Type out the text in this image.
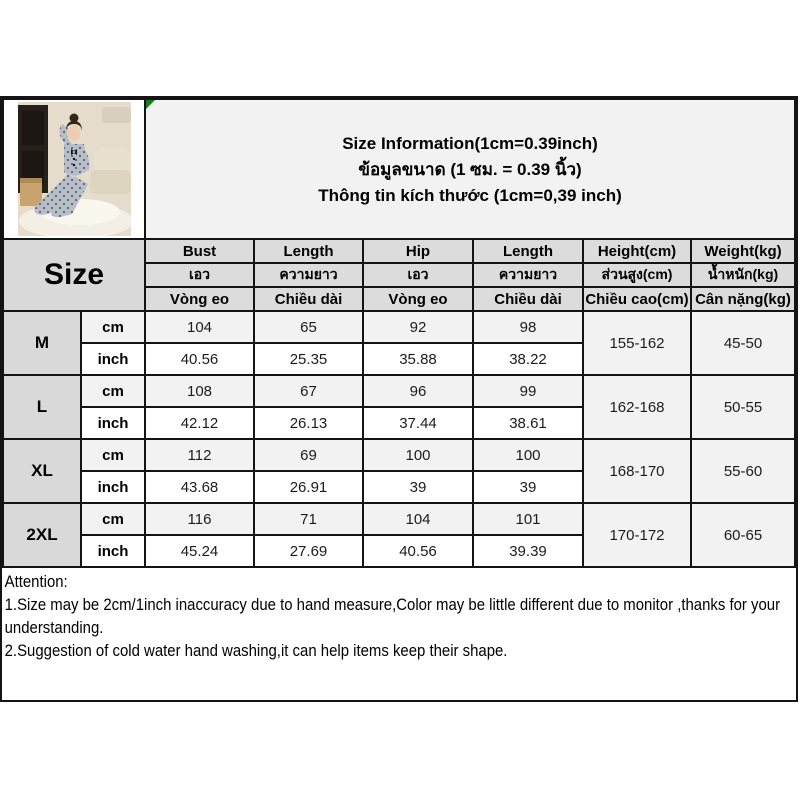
Size Information(1cm=0.39inch)
ข้อมูลขนาด (1 ซม. = 0.39 นิ้ว)
Thông tin kích thước (1cm=0,39 inch)					

Size		Bust	Length	Hip	Length	Height(cm)	Weight(kg)
		เอว	ความยาว	เอว	ความยาว	ส่วนสูง(cm)	น้ำหนัก(kg)
		Vòng eo	Chiều dài	Vòng eo	Chiều dài	Chiều cao(cm)	Cân nặng(kg)
M	cm	104	65	92	98	155-162	45-50
	inch	40.56	25.35	35.88	38.22		
L	cm	108	67	96	99	162-168	50-55
	inch	42.12	26.13	37.44	38.61		
XL	cm	112	69	100	100	168-170	55-60
	inch	43.68	26.91	39	39		
2XL	cm	116	71	104	101	170-172	60-65
	inch	45.24	27.69	40.56	39.39		
Attention:
1.Size may be 2cm/1inch inaccuracy due to hand measure,Color may be little different due to monitor ,thanks for your understanding.
2.Suggestion of cold water hand washing,it can help items keep their shape.
